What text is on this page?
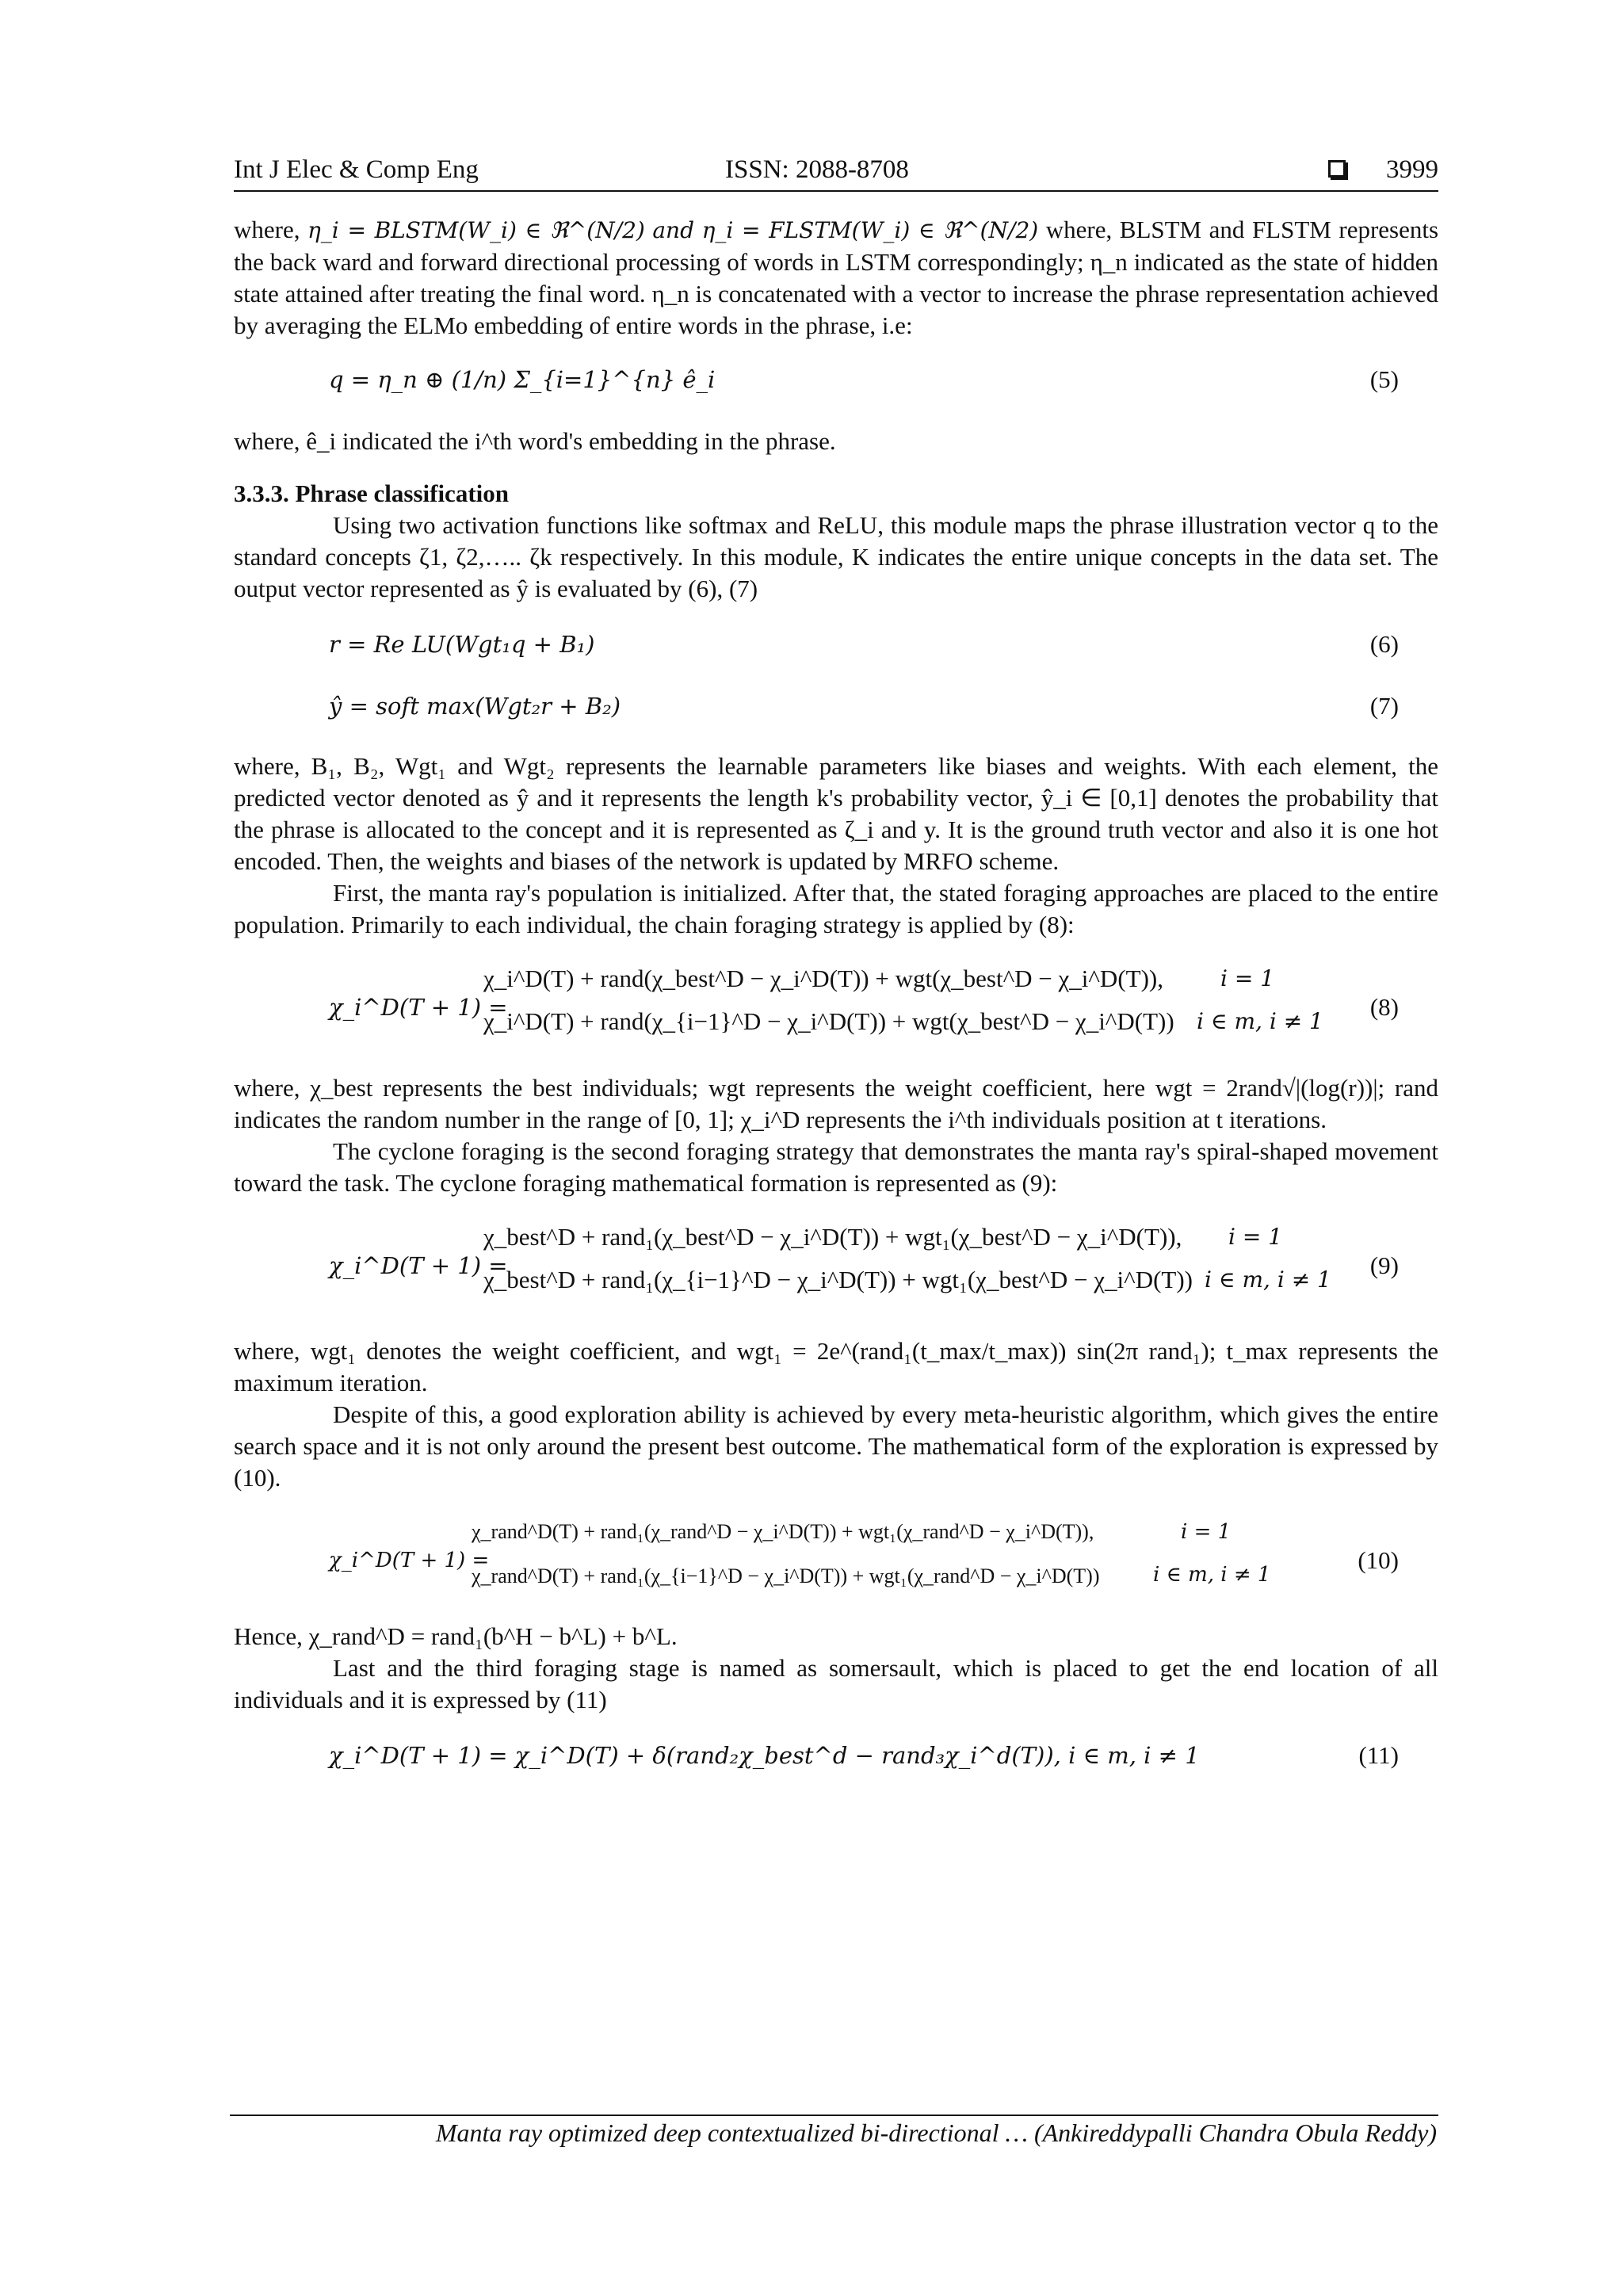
Int J Elec & Comp Eng	ISSN: 2088-8708	3999

where, η_i = BLSTM(W_i) ∈ ℜ^(N/2) and η_i = FLSTM(W_i) ∈ ℜ^(N/2) where, BLSTM and FLSTM represents the back ward and forward directional processing of words in LSTM correspondingly; η_n indicated as the state of hidden state attained after treating the final word. η_n is concatenated with a vector to increase the phrase representation achieved by averaging the ELMo embedding of entire words in the phrase, i.e:

q = η_n ⊕ (1/n) Σ_{i=1}^{n} ê_i	(5)

where, ê_i indicated the i^th word's embedding in the phrase.

3.3.3. Phrase classification

Using two activation functions like softmax and ReLU, this module maps the phrase illustration vector q to the standard concepts ζ1, ζ2,….. ζk respectively. In this module, K indicates the entire unique concepts in the data set. The output vector represented as ŷ is evaluated by (6), (7)

r = Re LU(Wgt₁q + B₁)	(6)
ŷ = soft max(Wgt₂r + B₂)	(7)

where, B₁, B₂, Wgt₁ and Wgt₂ represents the learnable parameters like biases and weights. With each element, the predicted vector denoted as ŷ and it represents the length k's probability vector, ŷ_i ∈ [0,1] denotes the probability that the phrase is allocated to the concept and it is represented as ζ_i and y. It is the ground truth vector and also it is one hot encoded. Then, the weights and biases of the network is updated by MRFO scheme.

First, the manta ray's population is initialized. After that, the stated foraging approaches are placed to the entire population. Primarily to each individual, the chain foraging strategy is applied by (8):

χ_i^D(T + 1) =
χ_i^D(T) + rand(χ_best^D − χ_i^D(T)) + wgt(χ_best^D − χ_i^D(T)),
χ_i^D(T) + rand(χ_{i−1}^D − χ_i^D(T)) + wgt(χ_best^D − χ_i^D(T))
i = 1
i ∈ m, i ≠ 1
(8)

where, χ_best represents the best individuals; wgt represents the weight coefficient, here wgt = 2rand√|(log(r))|; rand indicates the random number in the range of [0, 1]; χ_i^D represents the i^th individuals position at t iterations.

The cyclone foraging is the second foraging strategy that demonstrates the manta ray's spiral-shaped movement toward the task. The cyclone foraging mathematical formation is represented as (9):

χ_i^D(T + 1) =
χ_best^D + rand₁(χ_best^D − χ_i^D(T)) + wgt₁(χ_best^D − χ_i^D(T)),
χ_best^D + rand₁(χ_{i−1}^D − χ_i^D(T)) + wgt₁(χ_best^D − χ_i^D(T))
i = 1
i ∈ m, i ≠ 1
(9)

where, wgt₁ denotes the weight coefficient, and wgt₁ = 2e^(rand₁(t_max/t_max)) sin(2π rand₁); t_max represents the maximum iteration.

Despite of this, a good exploration ability is achieved by every meta-heuristic algorithm, which gives the entire search space and it is not only around the present best outcome. The mathematical form of the exploration is expressed by (10).

χ_i^D(T + 1) =
χ_rand^D(T) + rand₁(χ_rand^D − χ_i^D(T)) + wgt₁(χ_rand^D − χ_i^D(T)),
χ_rand^D(T) + rand₁(χ_{i−1}^D − χ_i^D(T)) + wgt₁(χ_rand^D − χ_i^D(T))
i = 1
i ∈ m, i ≠ 1
(10)

Hence, χ_rand^D = rand₁(b^H − b^L) + b^L.

Last and the third foraging stage is named as somersault, which is placed to get the end location of all individuals and it is expressed by (11)

χ_i^D(T + 1) = χ_i^D(T) + δ(rand₂χ_best^d − rand₃χ_i^d(T)), i ∈ m, i ≠ 1	(11)
Manta ray optimized deep contextualized bi-directional … (Ankireddypalli Chandra Obula Reddy)
